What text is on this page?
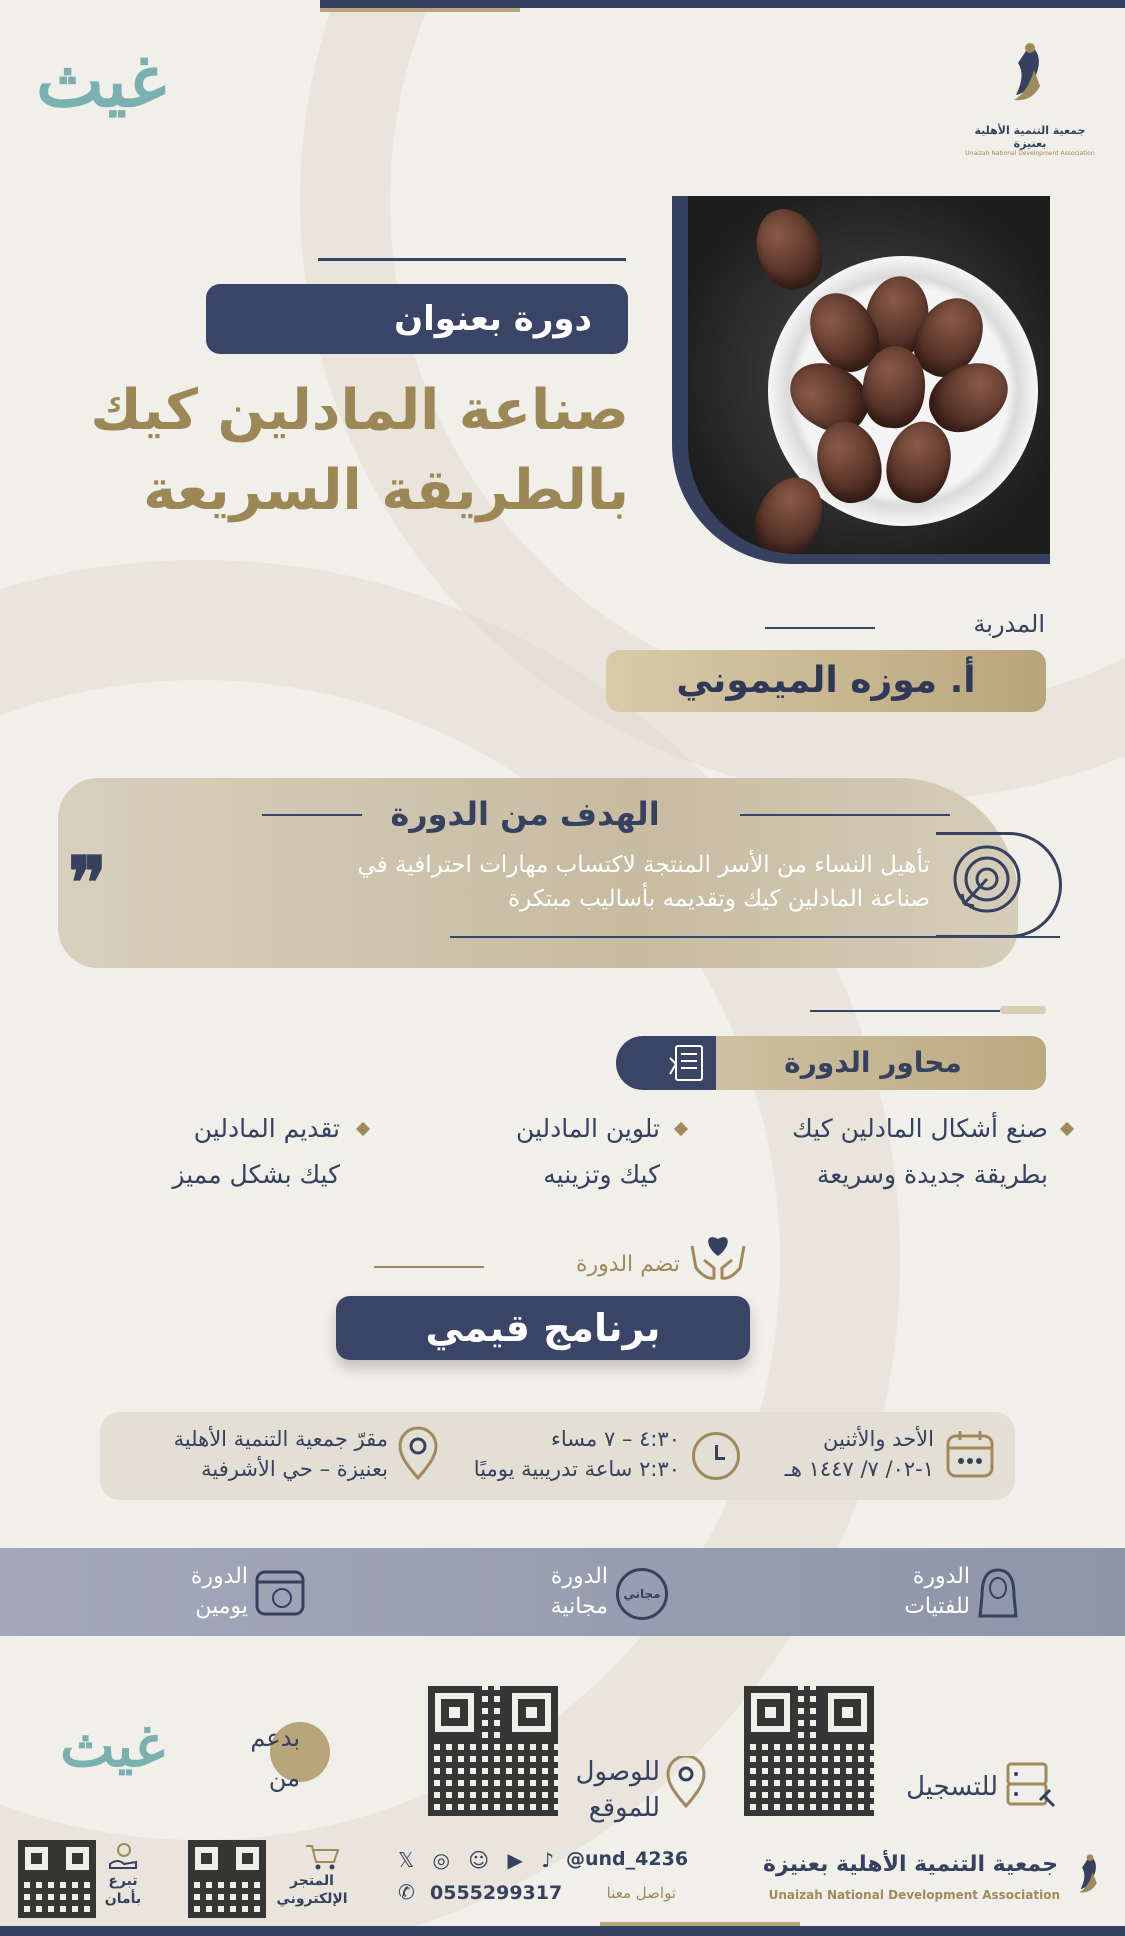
غيث
جمعية التنمية الأهلية بعنيزة
Unaizah National Development Association
دورة بعنوان
صناعة المادلين كيك
بالطريقة السريعة
المدربة
أ. موزه الميموني
الهدف من الدورة
تأهيل النساء من الأسر المنتجة لاكتساب مهارات احترافية في
صناعة المادلين كيك وتقديمه بأساليب مبتكرة
❞
محاور الدورة
صنع أشكال المادلين كيك
بطريقة جديدة وسريعة
تلوين المادلين
كيك وتزينيه
تقديم المادلين
كيك بشكل مميز
تضم الدورة
برنامج قيمي
الأحد والأثنين
١-٠٢/ ٧/ ١٤٤٧ هـ
٤:٣٠ – ٧ مساء
٢:٣٠ ساعة تدريبية يوميًا
مقرّ جمعية التنمية الأهلية
بعنيزة – حي الأشرفية
الدورة
للفتيات
مجاني
الدورة
مجانية
الدورة
يومين
للتسجيل
للوصول
للموقع
بدعم
من
غيث
تبرع
بأمان
المتجر
الإلكتروني
𝕏 ◎ ☺ ▶ ♪ @und_4236
✆ 0555299317	تواصل معنا
جمعية التنمية الأهلية بعنيزة
Unaizah National Development Association
